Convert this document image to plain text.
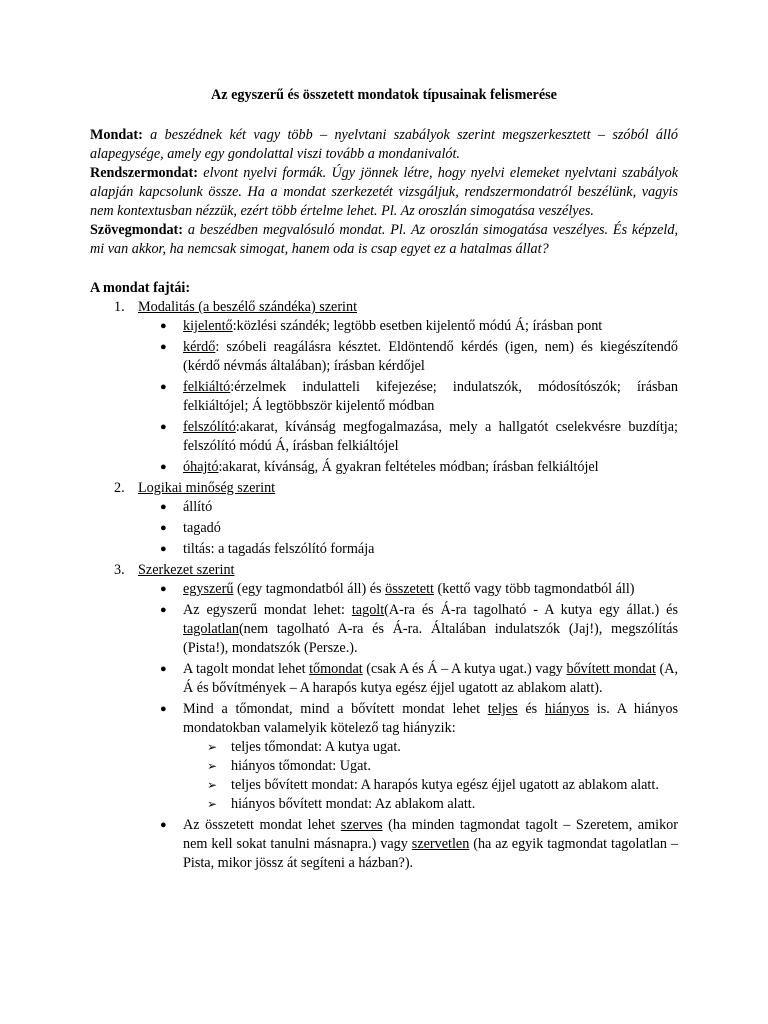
Az egyszerű és összetett mondatok típusainak felismerése

Mondat: a beszédnek két vagy több – nyelvtani szabályok szerint megszerkesztett – szóból álló alapegysége, amely egy gondolattal viszi tovább a mondanivalót.

Rendszermondat: elvont nyelvi formák. Úgy jönnek létre, hogy nyelvi elemeket nyelvtani szabályok alapján kapcsolunk össze. Ha a mondat szerkezetét vizsgáljuk, rendszermondatról beszélünk, vagyis nem kontextusban nézzük, ezért több értelme lehet. Pl. Az oroszlán simogatása veszélyes.

Szövegmondat: a beszédben megvalósuló mondat. Pl. Az oroszlán simogatása veszélyes. És képzeld, mi van akkor, ha nemcsak simogat, hanem oda is csap egyet ez a hatalmas állat?

A mondat fajtái:
1. Modalitás (a beszélő szándéka) szerint
● kijelentő:közlési szándék; legtöbb esetben kijelentő módú Á; írásban pont
● kérdő: szóbeli reagálásra késztet. Eldöntendő kérdés (igen, nem) és kiegészítendő (kérdő névmás általában); írásban kérdőjel
● felkiáltó:érzelmek indulatteli kifejezése; indulatszók, módosítószók; írásban felkiáltójel; Á legtöbbször kijelentő módban
● felszólító:akarat, kívánság megfogalmazása, mely a hallgatót cselekvésre buzdítja; felszólító módú Á, írásban felkiáltójel
● óhajtó:akarat, kívánság, Á gyakran feltételes módban; írásban felkiáltójel
2. Logikai minőség szerint
● állító
● tagadó
● tiltás: a tagadás felszólító formája
3. Szerkezet szerint
● egyszerű (egy tagmondatból áll) és összetett (kettő vagy több tagmondatból áll)
● Az egyszerű mondat lehet: tagolt(A-ra és Á-ra tagolható - A kutya egy állat.) és tagolatlan(nem tagolható A-ra és Á-ra. Általában indulatszók (Jaj!), megszólítás (Pista!), mondatszók (Persze.).
● A tagolt mondat lehet tőmondat (csak A és Á – A kutya ugat.) vagy bővített mondat (A, Á és bővítmények – A harapós kutya egész éjjel ugatott az ablakom alatt).
● Mind a tőmondat, mind a bővített mondat lehet teljes és hiányos is. A hiányos mondatokban valamelyik kötelező tag hiányzik:
➢ teljes tőmondat: A kutya ugat.
➢ hiányos tőmondat: Ugat.
➢ teljes bővített mondat: A harapós kutya egész éjjel ugatott az ablakom alatt.
➢ hiányos bővített mondat: Az ablakom alatt.
● Az összetett mondat lehet szerves (ha minden tagmondat tagolt – Szeretem, amikor nem kell sokat tanulni másnapra.) vagy szervetlen (ha az egyik tagmondat tagolatlan – Pista, mikor jössz át segíteni a házban?).
